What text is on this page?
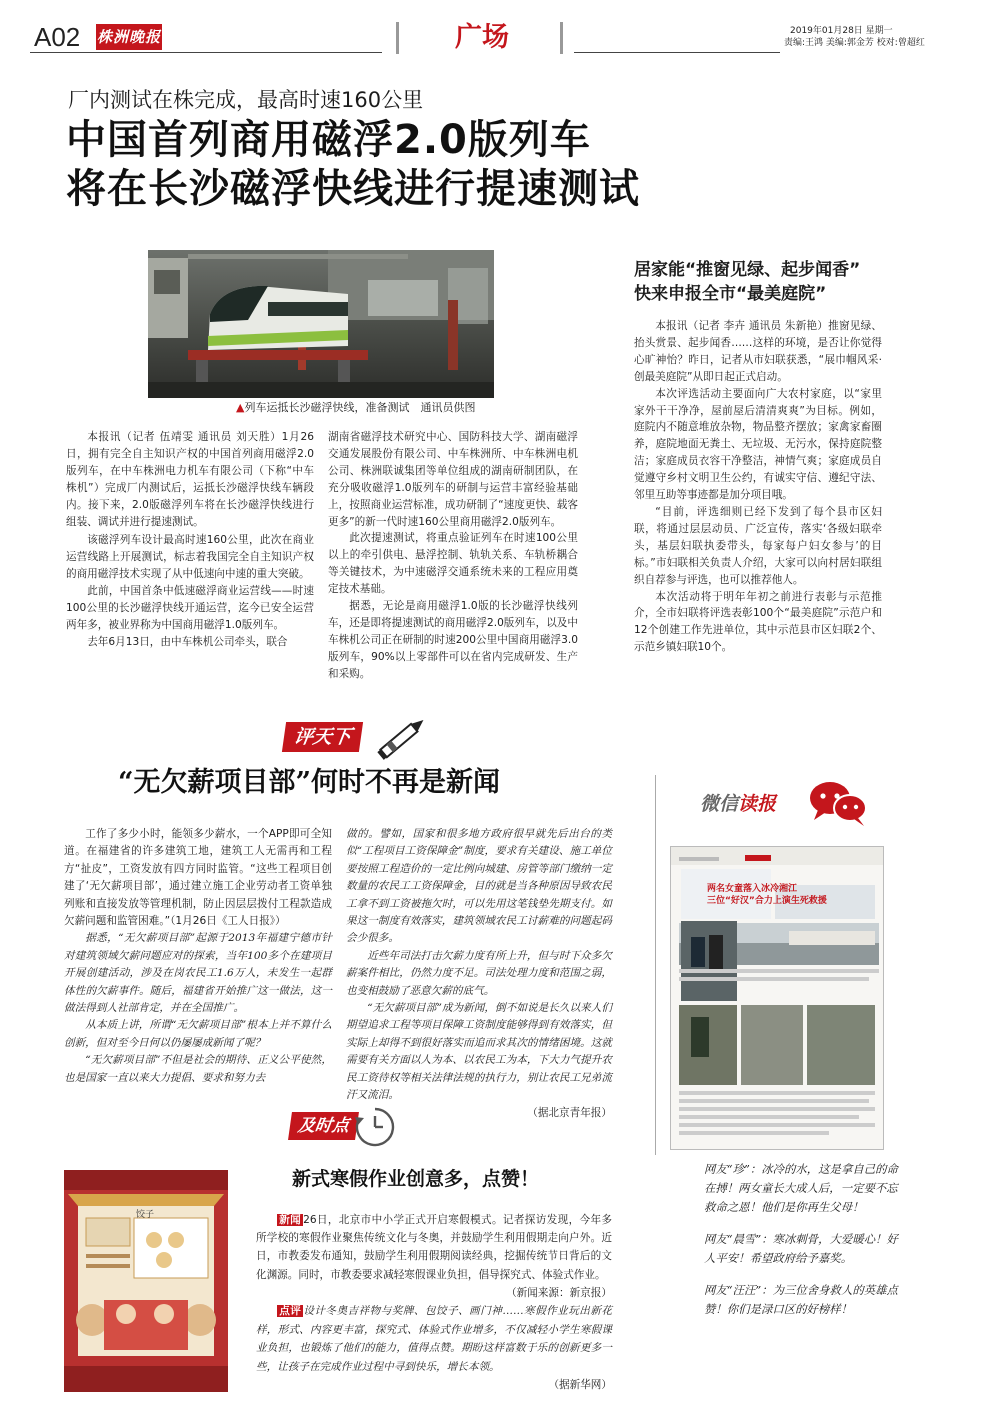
A02 株洲晚报	广场	2019年01月28日 星期一
责编:王鸿 美编:郭金芳 校对:曾超红
厂内测试在株完成，最高时速160公里
中国首列商用磁浮2.0版列车
将在长沙磁浮快线进行提速测试
▲列车运抵长沙磁浮快线，准备测试　通讯员供图

本报讯（记者 伍靖雯 通讯员 刘天胜）1月26日，拥有完全自主知识产权的中国首列商用磁浮2.0版列车，在中车株洲电力机车有限公司（下称“中车株机”）完成厂内测试后，运抵长沙磁浮快线车辆段内。接下来，2.0版磁浮列车将在长沙磁浮快线进行组装、调试并进行提速测试。

该磁浮列车设计最高时速160公里，此次在商业运营线路上开展测试，标志着我国完全自主知识产权的商用磁浮技术实现了从中低速向中速的重大突破。

此前，中国首条中低速磁浮商业运营线——时速100公里的长沙磁浮快线开通运营，迄今已安全运营两年多，被业界称为中国商用磁浮1.0版列车。

去年6月13日，由中车株机公司牵头，联合

湖南省磁浮技术研究中心、国防科技大学、湖南磁浮交通发展股份有限公司、中车株洲所、中车株洲电机公司、株洲联诚集团等单位组成的湖南研制团队，在充分吸收磁浮1.0版列车的研制与运营丰富经验基础上，按照商业运营标准，成功研制了“速度更快、载客更多”的新一代时速160公里商用磁浮2.0版列车。

此次提速测试，将重点验证列车在时速100公里以上的牵引供电、悬浮控制、轨轨关系、车轨桥耦合等关键技术，为中速磁浮交通系统未来的工程应用奠定技术基础。

据悉，无论是商用磁浮1.0版的长沙磁浮快线列车，还是即将提速测试的商用磁浮2.0版列车，以及中车株机公司正在研制的时速200公里中国商用磁浮3.0版列车，90%以上零部件可以在省内完成研发、生产和采购。

居家能“推窗见绿、起步闻香”
快来申报全市“最美庭院”

本报讯（记者 李卉 通讯员 朱新艳）推窗见绿、抬头赏景、起步闻香……这样的环境，是否让你觉得心旷神怡？昨日，记者从市妇联获悉，“展巾帼风采·创最美庭院”从即日起正式启动。

本次评选活动主要面向广大农村家庭，以“家里家外干干净净，屋前屋后清清爽爽”为目标。例如，庭院内不随意堆放杂物，物品整齐摆放；家禽家畜圈养，庭院地面无粪土、无垃圾、无污水，保持庭院整洁；家庭成员衣容干净整洁，神情气爽；家庭成员自觉遵守乡村文明卫生公约，有诚实守信、遵纪守法、邻里互助等事迹都是加分项目哦。

“目前，评选细则已经下发到了每个县市区妇联，将通过层层动员、广泛宣传，落实‘各级妇联牵头，基层妇联执委带头，每家每户妇女参与’的目标。”市妇联相关负责人介绍，大家可以向村居妇联组织自荐参与评选，也可以推荐他人。

本次活动将于明年年初之前进行表彰与示范推介，全市妇联将评选表彰100个“最美庭院”示范户和12个创建工作先进单位，其中示范县市区妇联2个、示范乡镇妇联10个。

评天下
“无欠薪项目部”何时不再是新闻

工作了多少小时，能领多少薪水，一个APP即可全知道。在福建省的许多建筑工地，建筑工人无需再和工程方“扯皮”，工资发放有四方同时监管。“这些工程项目创建了‘无欠薪项目部’，通过建立施工企业劳动者工资单独列账和直接发放等管理机制，防止因层层拨付工程款造成欠薪问题和监管困难。”（1月26日《工人日报》）

据悉，“无欠薪项目部”起源于2013年福建宁德市针对建筑领域欠薪问题应对的探索，当年100多个在建项目开展创建活动，涉及在岗农民工1.6万人，未发生一起群体性的欠薪事件。随后，福建省开始推广这一做法，这一做法得到人社部肯定，并在全国推广。

从本质上讲，所谓“无欠薪项目部”根本上并不算什么创新，但对至今日何以仍屡屡成新闻了呢？

“无欠薪项目部”不但是社会的期待、正义公平使然，也是国家一直以来大力提倡、要求和努力去

做的。譬如，国家和很多地方政府很早就先后出台的类似“工程项目工资保障金”制度，要求有关建设、施工单位要按照工程造价的一定比例向城建、房管等部门缴纳一定数量的农民工工资保障金，目的就是当各种原因导致农民工拿不到工资被拖欠时，可以先用这笔钱垫先期支付。如果这一制度有效落实，建筑领域农民工讨薪难的问题起码会少很多。

近些年司法打击欠薪力度有所上升，但与时下众多欠薪案件相比，仍然力度不足。司法处理力度和范围之弱，也变相鼓励了恶意欠薪的底气。

“无欠薪项目部”成为新闻，倒不如说是长久以来人们期望追求工程等项目保障工资制度能够得到有效落实，但实际上却得不到很好落实而追而求其次的情绪困境。这就需要有关方面以人为本、以农民工为本，下大力气提升农民工资待权等相关法律法规的执行力，别让农民工兄弟流汗又流泪。

（据北京青年报）

微信读报
两名女童落入冰冷湘江
三位“好汉”合力上演生死救援

网友“珍”：冰冷的水，这是拿自己的命在搏！两女童长大成人后，一定要不忘救命之恩！他们是你再生父母！

网友“晨雪”：寒冰刺骨，大爱暖心！好人平安！希望政府给予嘉奖。

网友“汪汪”：为三位舍身救人的英雄点赞！你们是渌口区的好榜样！

及时点
新式寒假作业创意多，点赞！
饺子	新闻 26日，北京市中小学正式开启寒假模式。记者探访发现，今年多所学校的寒假作业聚焦传统文化与冬奥，并鼓励学生利用假期走向户外。近日，市教委发布通知，鼓励学生利用假期阅读经典，挖掘传统节日背后的文化渊源。同时，市教委要求减轻寒假课业负担，倡导探究式、体验式作业。

（新闻来源：新京报）

点评 设计冬奥吉祥物与奖牌、包饺子、画门神……寒假作业玩出新花样，形式、内容更丰富，探究式、体验式作业增多，不仅减轻小学生寒假课业负担，也锻炼了他们的能力，值得点赞。期盼这样富数于乐的创新更多一些，让孩子在完成作业过程中寻到快乐，增长本领。

（据新华网）
